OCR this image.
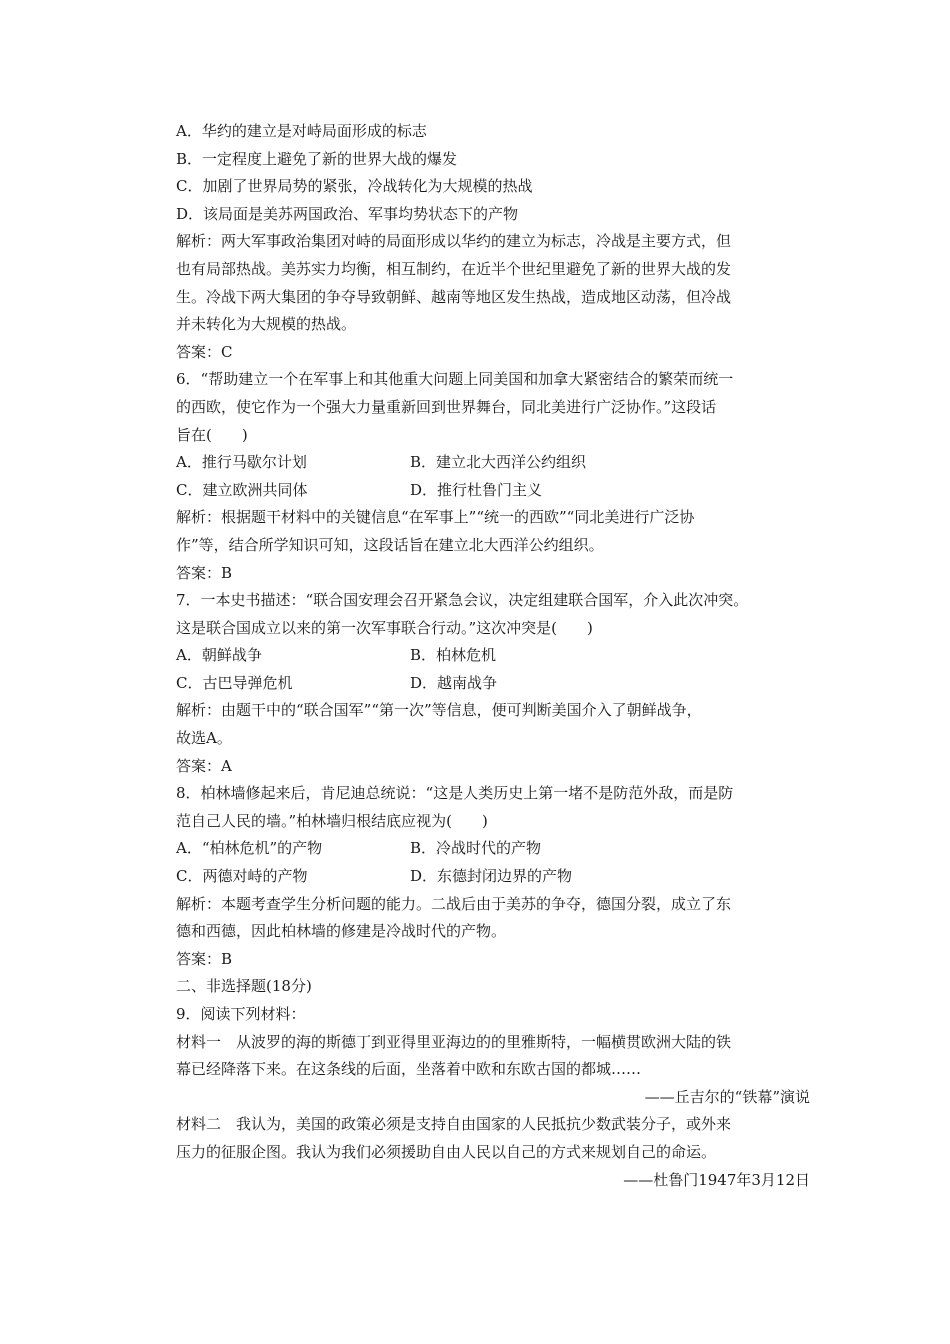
A．华约的建立是对峙局面形成的标志
B．一定程度上避免了新的世界大战的爆发
C．加剧了世界局势的紧张，冷战转化为大规模的热战
D．该局面是美苏两国政治、军事均势状态下的产物
解析：两大军事政治集团对峙的局面形成以华约的建立为标志，冷战是主要方式，但
也有局部热战。美苏实力均衡，相互制约，在近半个世纪里避免了新的世界大战的发
生。冷战下两大集团的争夺导致朝鲜、越南等地区发生热战，造成地区动荡，但冷战
并未转化为大规模的热战。
答案：C
6．“帮助建立一个在军事上和其他重大问题上同美国和加拿大紧密结合的繁荣而统一
的西欧，使它作为一个强大力量重新回到世界舞台，同北美进行广泛协作。”这段话
旨在(　　)
A．推行马歇尔计划	B．建立北大西洋公约组织
C．建立欧洲共同体	D．推行杜鲁门主义
解析：根据题干材料中的关键信息“在军事上”“统一的西欧”“同北美进行广泛协
作”等，结合所学知识可知，这段话旨在建立北大西洋公约组织。
答案：B
7．一本史书描述：“联合国安理会召开紧急会议，决定组建联合国军，介入此次冲突。
这是联合国成立以来的第一次军事联合行动。”这次冲突是(　　)
A．朝鲜战争	B．柏林危机
C．古巴导弹危机	D．越南战争
解析：由题干中的“联合国军”“第一次”等信息，便可判断美国介入了朝鲜战争，
故选A。
答案：A
8．柏林墙修起来后，肯尼迪总统说：“这是人类历史上第一堵不是防范外敌，而是防
范自己人民的墙。”柏林墙归根结底应视为(　　)
A．“柏林危机”的产物	B．冷战时代的产物
C．两德对峙的产物	D．东德封闭边界的产物
解析：本题考查学生分析问题的能力。二战后由于美苏的争夺，德国分裂，成立了东
德和西德，因此柏林墙的修建是冷战时代的产物。
答案：B
二、非选择题(18分)
9．阅读下列材料：
材料一　从波罗的海的斯德丁到亚得里亚海边的的里雅斯特，一幅横贯欧洲大陆的铁
幕已经降落下来。在这条线的后面，坐落着中欧和东欧古国的都城……
——丘吉尔的“铁幕”演说
材料二　我认为，美国的政策必须是支持自由国家的人民抵抗少数武装分子，或外来
压力的征服企图。我认为我们必须援助自由人民以自己的方式来规划自己的命运。
——杜鲁门1947年3月12日
